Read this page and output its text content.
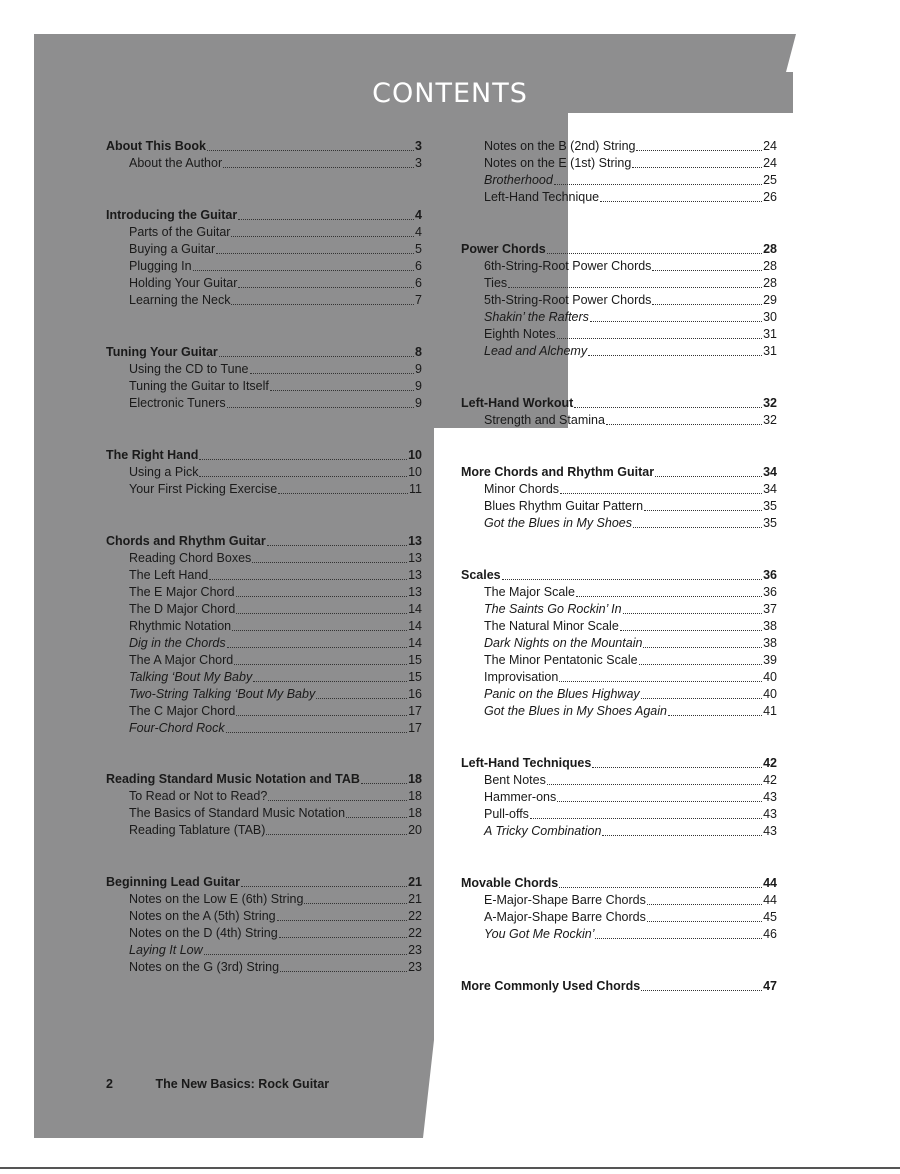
CONTENTS
About This Book	3
About the Author	3
Introducing the Guitar	4
Parts of the Guitar	4
Buying a Guitar	5
Plugging In	6
Holding Your Guitar	6
Learning the Neck	7
Tuning Your Guitar	8
Using the CD to Tune	9
Tuning the Guitar to Itself	9
Electronic Tuners	9
The Right Hand	10
Using a Pick	10
Your First Picking Exercise	11
Chords and Rhythm Guitar	13
Reading Chord Boxes	13
The Left Hand	13
The E Major Chord	13
The D Major Chord	14
Rhythmic Notation	14
Dig in the Chords	14
The A Major Chord	15
Talking ‘Bout My Baby	15
Two-String Talking ‘Bout My Baby	16
The C Major Chord	17
Four-Chord Rock	17
Reading Standard Music Notation and TAB	18
To Read or Not to Read?	18
The Basics of Standard Music Notation	18
Reading Tablature (TAB)	20
Beginning Lead Guitar	21
Notes on the Low E (6th) String	21
Notes on the A (5th) String	22
Notes on the D (4th) String	22
Laying It Low	23
Notes on the G (3rd) String	23
Notes on the B (2nd) String	24
Notes on the E (1st) String	24
Brotherhood	25
Left-Hand Technique	26
Power Chords	28
6th-String-Root Power Chords	28
Ties	28
5th-String-Root Power Chords	29
Shakin’ the Rafters	30
Eighth Notes	31
Lead and Alchemy	31
Left-Hand Workout	32
Strength and Stamina	32
More Chords and Rhythm Guitar	34
Minor Chords	34
Blues Rhythm Guitar Pattern	35
Got the Blues in My Shoes	35
Scales	36
The Major Scale	36
The Saints Go Rockin’ In	37
The Natural Minor Scale	38
Dark Nights on the Mountain	38
The Minor Pentatonic Scale	39
Improvisation	40
Panic on the Blues Highway	40
Got the Blues in My Shoes Again	41
Left-Hand Techniques	42
Bent Notes	42
Hammer-ons	43
Pull-offs	43
A Tricky Combination	43
Movable Chords	44
E-Major-Shape Barre Chords	44
A-Major-Shape Barre Chords	45
You Got Me Rockin’	46
More Commonly Used Chords	47
2	The New Basics: Rock Guitar
